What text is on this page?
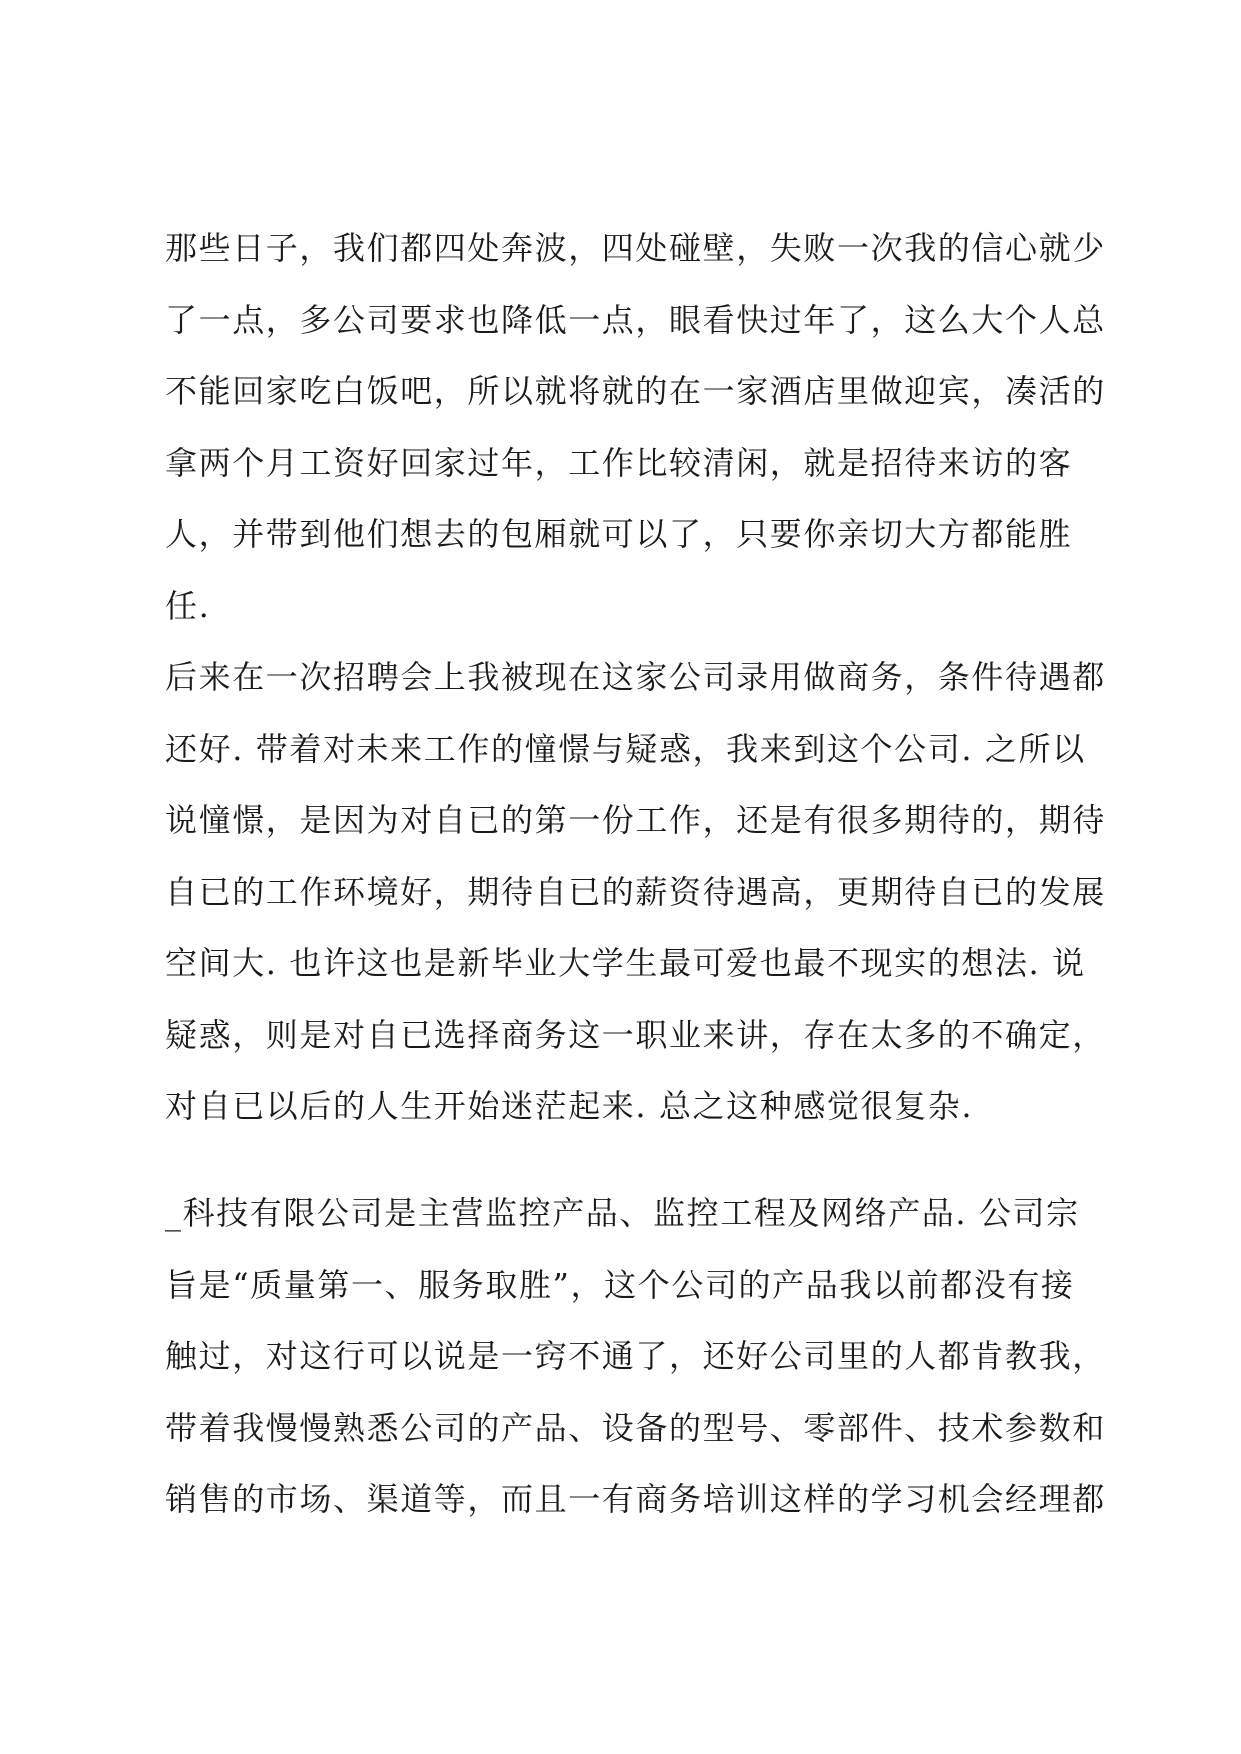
那些日子，我们都四处奔波，四处碰壁，失败一次我的信心就少
了一点，多公司要求也降低一点，眼看快过年了，这么大个人总
不能回家吃白饭吧，所以就将就的在一家酒店里做迎宾，凑活的
拿两个月工资好回家过年，工作比较清闲，就是招待来访的客
人，并带到他们想去的包厢就可以了，只要你亲切大方都能胜
任.
后来在一次招聘会上我被现在这家公司录用做商务，条件待遇都
还好. 带着对未来工作的憧憬与疑惑，我来到这个公司. 之所以
说憧憬，是因为对自已的第一份工作，还是有很多期待的，期待
自已的工作环境好，期待自已的薪资待遇高，更期待自已的发展
空间大. 也许这也是新毕业大学生最可爱也最不现实的想法. 说
疑惑，则是对自已选择商务这一职业来讲，存在太多的不确定，
对自已以后的人生开始迷茫起来. 总之这种感觉很复杂.
_科技有限公司是主营监控产品、监控工程及网络产品. 公司宗
旨是“质量第一、服务取胜”，这个公司的产品我以前都没有接
触过，对这行可以说是一窍不通了，还好公司里的人都肯教我，
带着我慢慢熟悉公司的产品、设备的型号、零部件、技术参数和
销售的市场、渠道等，而且一有商务培训这样的学习机会经理都
